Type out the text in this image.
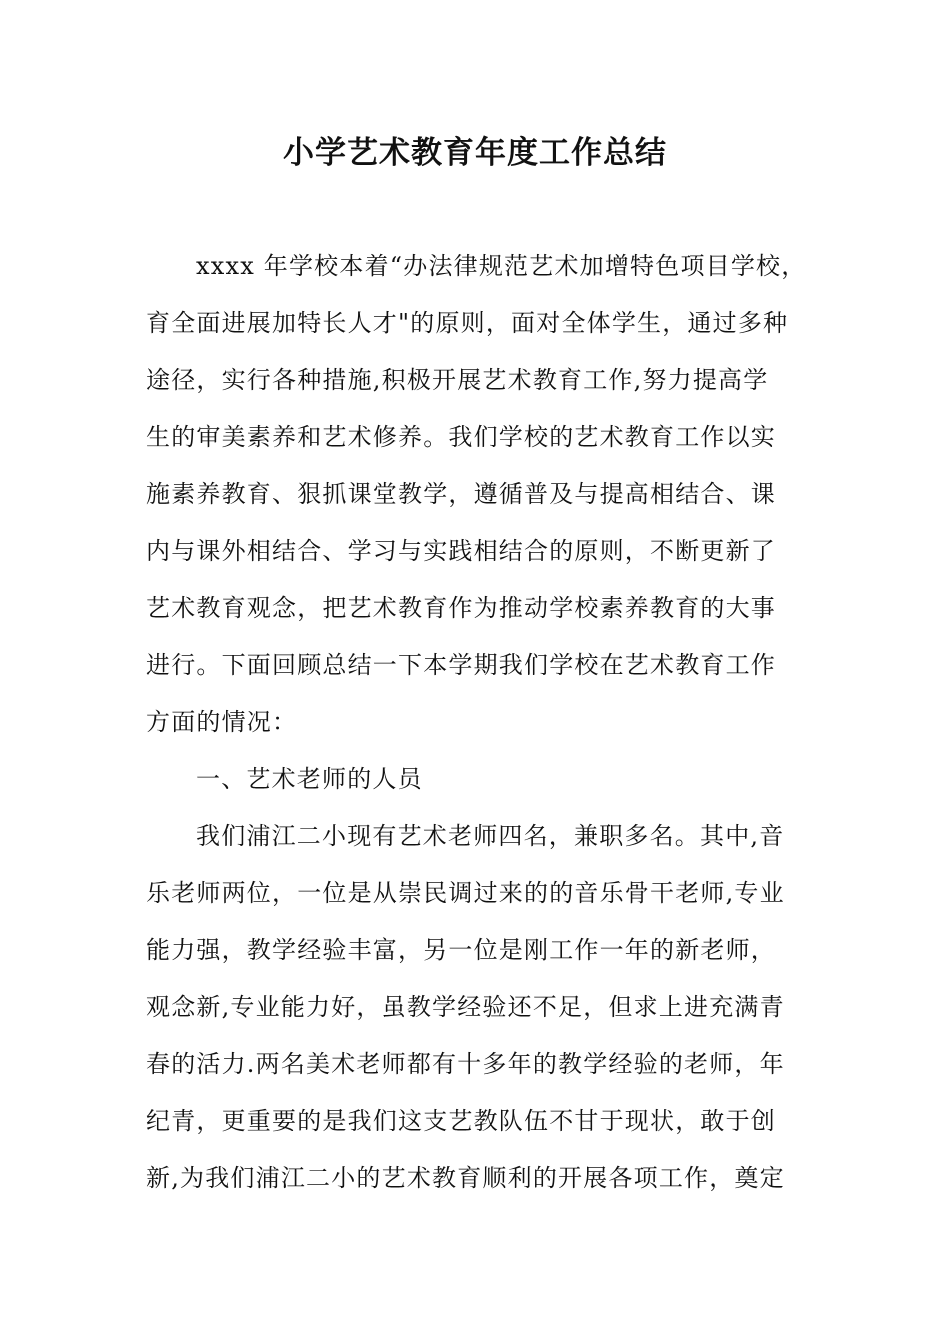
小学艺术教育年度工作总结

xxxx 年学校本着“办法律规范艺术加增特色项目学校，

育全面进展加特长人才"的原则，面对全体学生，通过多种

途径，实行各种措施,积极开展艺术教育工作,努力提高学

生的审美素养和艺术修养。我们学校的艺术教育工作以实

施素养教育、狠抓课堂教学，遵循普及与提高相结合、课

内与课外相结合、学习与实践相结合的原则，不断更新了

艺术教育观念，把艺术教育作为推动学校素养教育的大事

进行。下面回顾总结一下本学期我们学校在艺术教育工作

方面的情况：

一、艺术老师的人员

我们浦江二小现有艺术老师四名，兼职多名。其中,音

乐老师两位，一位是从崇民调过来的的音乐骨干老师,专业

能力强，教学经验丰富，另一位是刚工作一年的新老师，

观念新,专业能力好，虽教学经验还不足，但求上进充满青

春的活力.两名美术老师都有十多年的教学经验的老师，年

纪青，更重要的是我们这支艺教队伍不甘于现状，敢于创

新,为我们浦江二小的艺术教育顺利的开展各项工作，奠定
